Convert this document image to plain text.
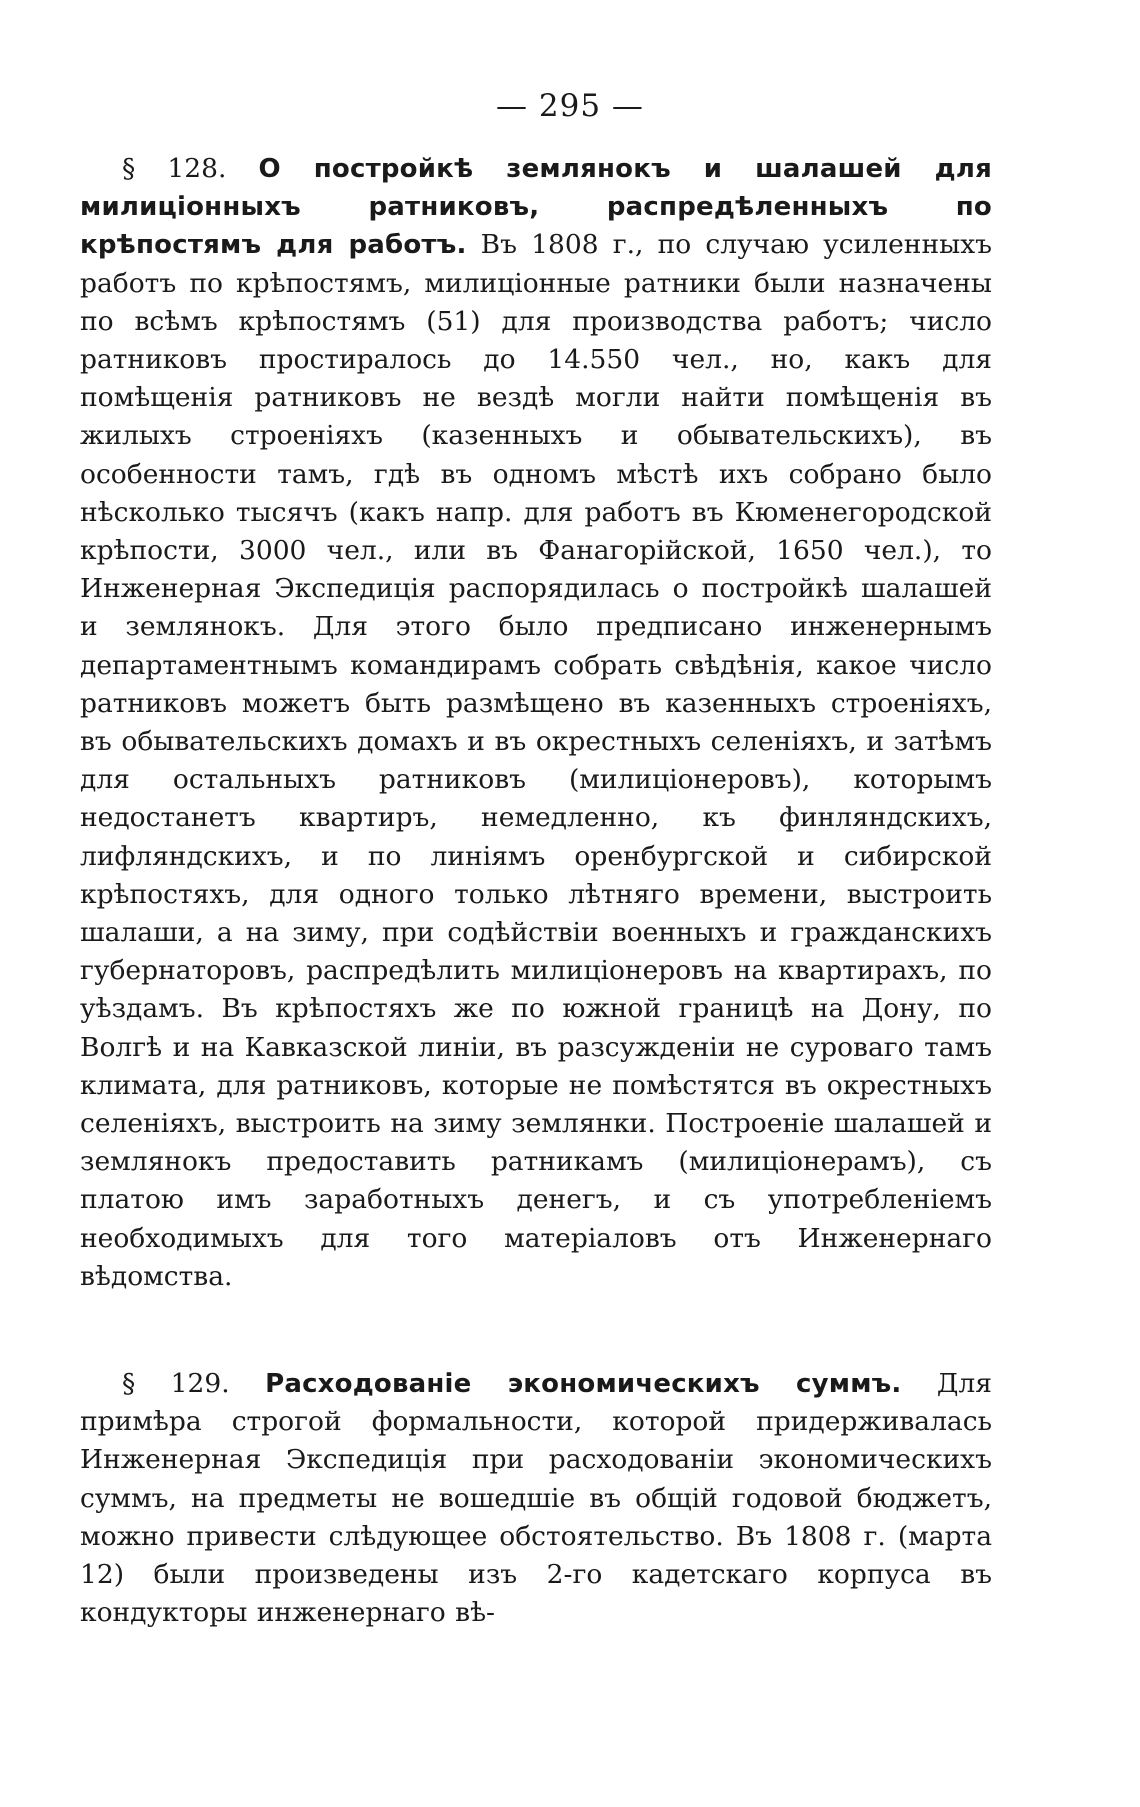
— 295 —
§ 128. О постройкѣ землянокъ и шалашей для милиціонныхъ ратниковъ, распредѣленныхъ по крѣпостямъ для работъ. Въ 1808 г., по случаю усиленныхъ работъ по крѣпостямъ, милиціонные ратники были назначены по всѣмъ крѣпостямъ (51) для производства работъ; число ратниковъ простиралось до 14.550 чел., но, какъ для помѣщенія ратниковъ не вездѣ могли найти помѣщенія въ жилыхъ строеніяхъ (казенныхъ и обывательскихъ), въ особенности тамъ, гдѣ въ одномъ мѣстѣ ихъ собрано было нѣсколько тысячъ (какъ напр. для работъ въ Кюменегородской крѣпости, 3000 чел., или въ Фанагорійской, 1650 чел.), то Инженерная Экспедиція распорядилась о постройкѣ шалашей и землянокъ. Для этого было предписано инженернымъ департаментнымъ командирамъ собрать свѣдѣнія, какое число ратниковъ можетъ быть размѣщено въ казенныхъ строеніяхъ, въ обывательскихъ домахъ и въ окрестныхъ селеніяхъ, и затѣмъ для остальныхъ ратниковъ (милиціонеровъ), которымъ недостанетъ квартиръ, немедленно, къ финляндскихъ, лифляндскихъ, и по линіямъ оренбургской и сибирской крѣпостяхъ, для одного только лѣтняго времени, выстроить шалаши, а на зиму, при содѣйствіи военныхъ и гражданскихъ губернаторовъ, распредѣлить милиціонеровъ на квартирахъ, по уѣздамъ. Въ крѣпостяхъ же по южной границѣ на Дону, по Волгѣ и на Кавказской линіи, въ разсужденіи не суроваго тамъ климата, для ратниковъ, которые не помѣстятся въ окрестныхъ селеніяхъ, выстроить на зиму землянки. Построеніе шалашей и землянокъ предоставить ратникамъ (милиціонерамъ), съ платою имъ заработныхъ денегъ, и съ употребленіемъ необходимыхъ для того матеріаловъ отъ Инженернаго вѣдомства.
§ 129. Расходованіе экономическихъ суммъ. Для примѣра строгой формальности, которой придерживалась Инженерная Экспедиція при расходованіи экономическихъ суммъ, на предметы не вошедшіе въ общій годовой бюджетъ, можно привести слѣдующее обстоятельство. Въ 1808 г. (марта 12) были произведены изъ 2-го кадетскаго корпуса въ кондукторы инженернаго вѣ-
